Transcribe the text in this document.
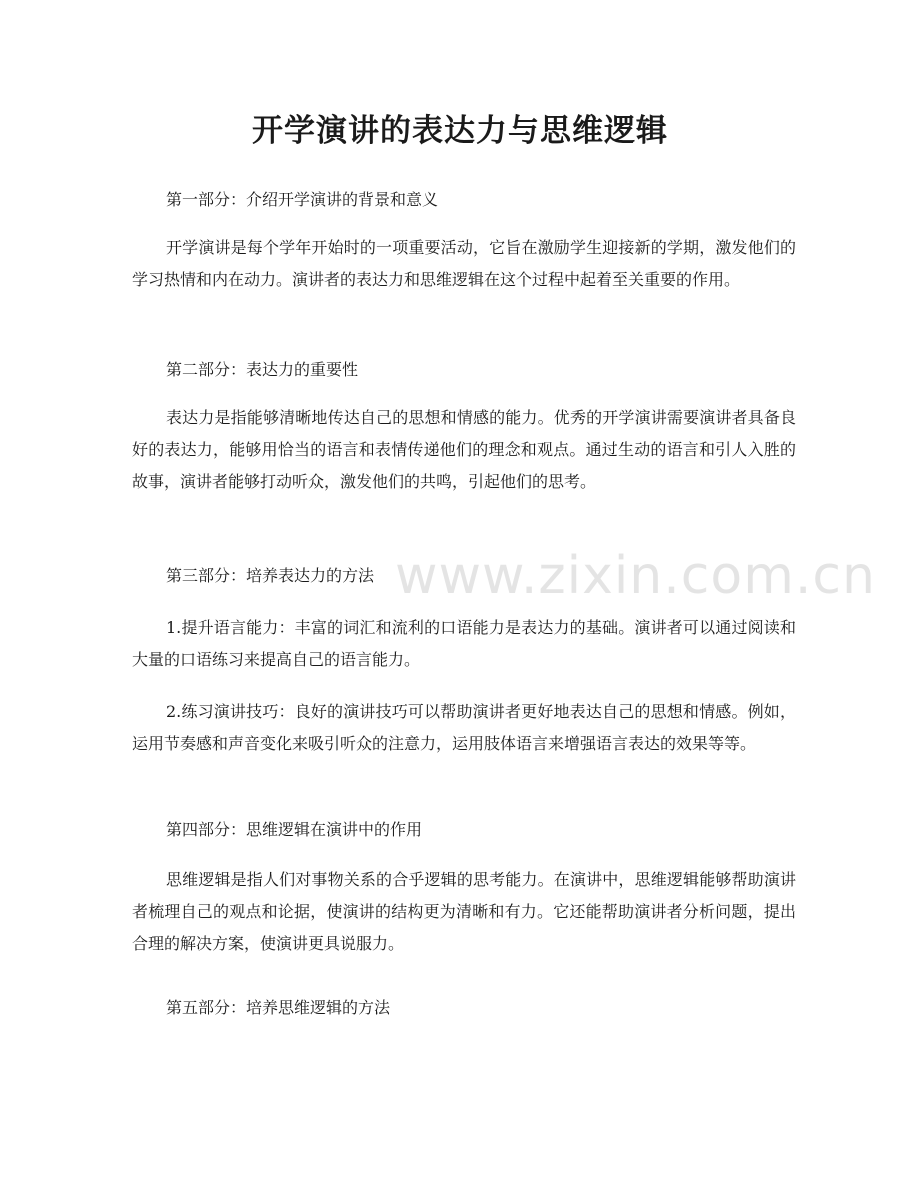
开学演讲的表达力与思维逻辑

第一部分：介绍开学演讲的背景和意义

开学演讲是每个学年开始时的一项重要活动，它旨在激励学生迎接新的学期，激发他们的学习热情和内在动力。演讲者的表达力和思维逻辑在这个过程中起着至关重要的作用。

第二部分：表达力的重要性

表达力是指能够清晰地传达自己的思想和情感的能力。优秀的开学演讲需要演讲者具备良好的表达力，能够用恰当的语言和表情传递他们的理念和观点。通过生动的语言和引人入胜的故事，演讲者能够打动听众，激发他们的共鸣，引起他们的思考。

第三部分：培养表达力的方法

1.提升语言能力：丰富的词汇和流利的口语能力是表达力的基础。演讲者可以通过阅读和大量的口语练习来提高自己的语言能力。

2.练习演讲技巧：良好的演讲技巧可以帮助演讲者更好地表达自己的思想和情感。例如，运用节奏感和声音变化来吸引听众的注意力，运用肢体语言来增强语言表达的效果等等。

第四部分：思维逻辑在演讲中的作用

思维逻辑是指人们对事物关系的合乎逻辑的思考能力。在演讲中，思维逻辑能够帮助演讲者梳理自己的观点和论据，使演讲的结构更为清晰和有力。它还能帮助演讲者分析问题，提出合理的解决方案，使演讲更具说服力。

第五部分：培养思维逻辑的方法

www.zixin.com.cn
